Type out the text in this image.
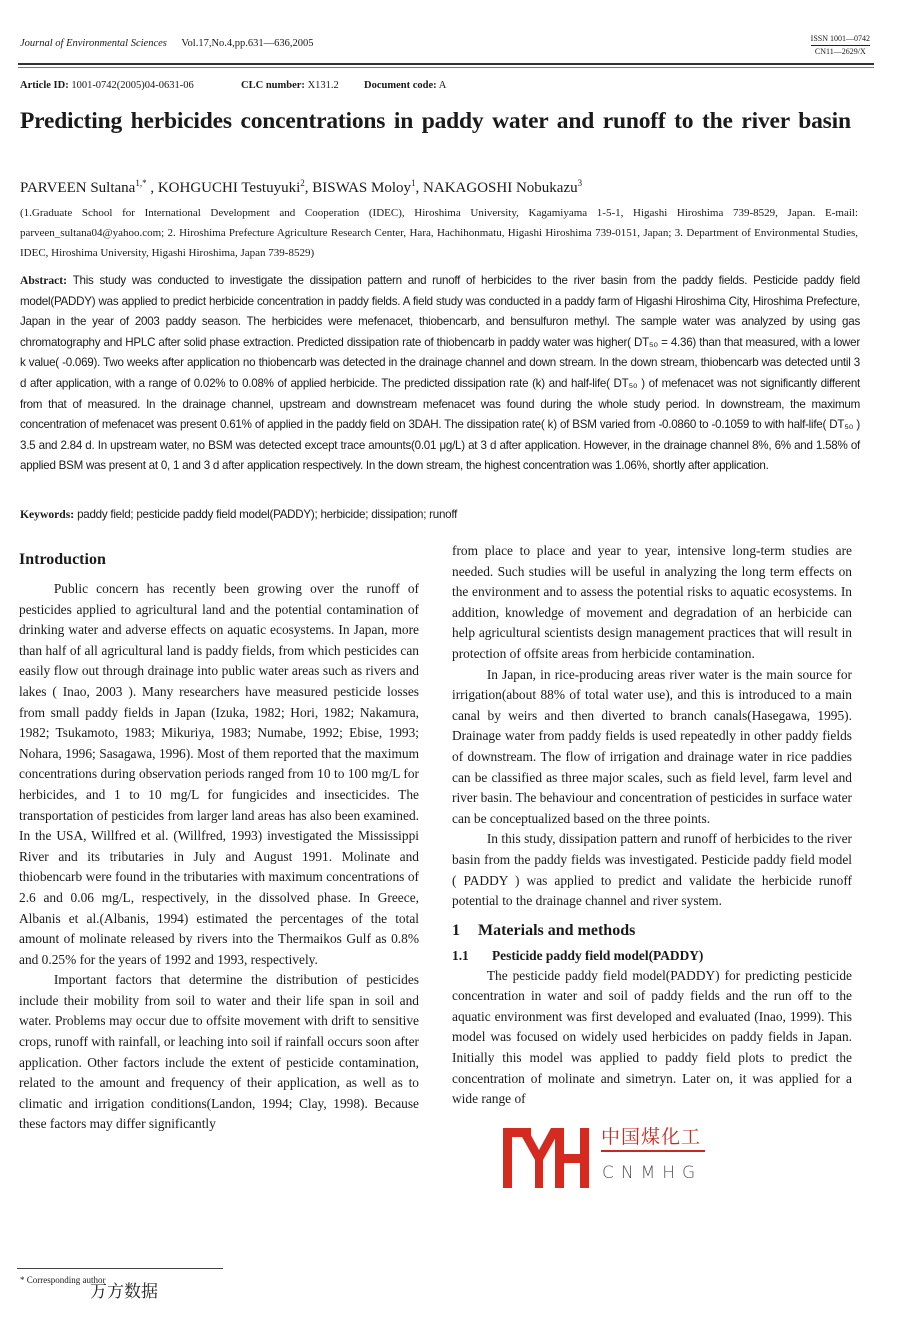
Journal of Environmental Sciences Vol.17,No.4,pp.631—636,2005	ISSN 1001—0742
CN11—2629/X
Article ID: 1001-0742(2005)04-0631-06	CLC number: X131.2 Document code: A
Predicting herbicides concentrations in paddy water and runoff to the river basin
PARVEEN Sultana$^{1,*}$ , KOHGUCHI Testuyuki$^2$, BISWAS Moloy$^1$, NAKAGOSHI Nobukazu$^3$
(1.Graduate School for International Development and Cooperation (IDEC), Hiroshima University, Kagamiyama 1-5-1, Higashi Hiroshima 739-8529, Japan. E-mail: parveen_sultana04@yahoo.com; 2. Hiroshima Prefecture Agriculture Research Center, Hara, Hachihonmatu, Higashi Hiroshima 739-0151, Japan; 3. Department of Environmental Studies, IDEC, Hiroshima University, Higashi Hiroshima, Japan 739-8529)
Abstract: This study was conducted to investigate the dissipation pattern and runoff of herbicides to the river basin from the paddy fields. Pesticide paddy field model(PADDY) was applied to predict herbicide concentration in paddy fields. A field study was conducted in a paddy farm of Higashi Hiroshima City, Hiroshima Prefecture, Japan in the year of 2003 paddy season. The herbicides were mefenacet, thiobencarb, and bensulfuron methyl. The sample water was analyzed by using gas chromatography and HPLC after solid phase extraction. Predicted dissipation rate of thiobencarb in paddy water was higher( DT₅₀ = 4.36) than that measured, with a lower k value( -0.069). Two weeks after application no thiobencarb was detected in the drainage channel and down stream. In the down stream, thiobencarb was detected until 3 d after application, with a range of 0.02% to 0.08% of applied herbicide. The predicted dissipation rate (k) and half-life( DT₅₀ ) of mefenacet was not significantly different from that of measured. In the drainage channel, upstream and downstream mefenacet was found during the whole study period. In downstream, the maximum concentration of mefenacet was present 0.61% of applied in the paddy field on 3DAH. The dissipation rate( k) of BSM varied from -0.0860 to -0.1059 to with half-life( DT₅₀ ) 3.5 and 2.84 d. In upstream water, no BSM was detected except trace amounts(0.01 μg/L) at 3 d after application. However, in the drainage channel 8%, 6% and 1.58% of applied BSM was present at 0, 1 and 3 d after application respectively. In the down stream, the highest concentration was 1.06%, shortly after application.
Keywords: paddy field; pesticide paddy field model(PADDY); herbicide; dissipation; runoff
Introduction

Public concern has recently been growing over the runoff of pesticides applied to agricultural land and the potential contamination of drinking water and adverse effects on aquatic ecosystems. In Japan, more than half of all agricultural land is paddy fields, from which pesticides can easily flow out through drainage into public water areas such as rivers and lakes ( Inao, 2003 ). Many researchers have measured pesticide losses from small paddy fields in Japan (Izuka, 1982; Hori, 1982; Nakamura, 1982; Tsukamoto, 1983; Mikuriya, 1983; Numabe, 1992; Ebise, 1993; Nohara, 1996; Sasagawa, 1996). Most of them reported that the maximum concentrations during observation periods ranged from 10 to 100 mg/L for herbicides, and 1 to 10 mg/L for fungicides and insecticides. The transportation of pesticides from larger land areas has also been examined. In the USA, Willfred et al. (Willfred, 1993) investigated the Mississippi River and its tributaries in July and August 1991. Molinate and thiobencarb were found in the tributaries with maximum concentrations of 2.6 and 0.06 mg/L, respectively, in the dissolved phase. In Greece, Albanis et al.(Albanis, 1994) estimated the percentages of the total amount of molinate released by rivers into the Thermaikos Gulf as 0.8% and 0.25% for the years of 1992 and 1993, respectively.

Important factors that determine the distribution of pesticides include their mobility from soil to water and their life span in soil and water. Problems may occur due to offsite movement with drift to sensitive crops, runoff with rainfall, or leaching into soil if rainfall occurs soon after application. Other factors include the extent of pesticide contamination, related to the amount and frequency of their application, as well as to climatic and irrigation conditions(Landon, 1994; Clay, 1998). Because these factors may differ significantly

from place to place and year to year, intensive long-term studies are needed. Such studies will be useful in analyzing the long term effects on the environment and to assess the potential risks to aquatic ecosystems. In addition, knowledge of movement and degradation of an herbicide can help agricultural scientists design management practices that will result in protection of offsite areas from herbicide contamination.

In Japan, in rice-producing areas river water is the main source for irrigation(about 88% of total water use), and this is introduced to a main canal by weirs and then diverted to branch canals(Hasegawa, 1995). Drainage water from paddy fields is used repeatedly in other paddy fields of downstream. The flow of irrigation and drainage water in rice paddies can be classified as three major scales, such as field level, farm level and river basin. The behaviour and concentration of pesticides in surface water can be conceptualized based on the three points.

In this study, dissipation pattern and runoff of herbicides to the river basin from the paddy fields was investigated. Pesticide paddy field model ( PADDY ) was applied to predict and validate the herbicide runoff potential to the drainage channel and river system.

1 Materials and methods
1.1 Pesticide paddy field model(PADDY)

The pesticide paddy field model(PADDY) for predicting pesticide concentration in water and soil of paddy fields and the run off to the aquatic environment was first developed and evaluated (Inao, 1999). This model was focused on widely used herbicides on paddy fields in Japan. Initially this model was applied to paddy field plots to predict the concentration of molinate and simetryn. Later on, it was applied for a wide range of

中国煤化工
CNMHG
* Corresponding author
万方数据
